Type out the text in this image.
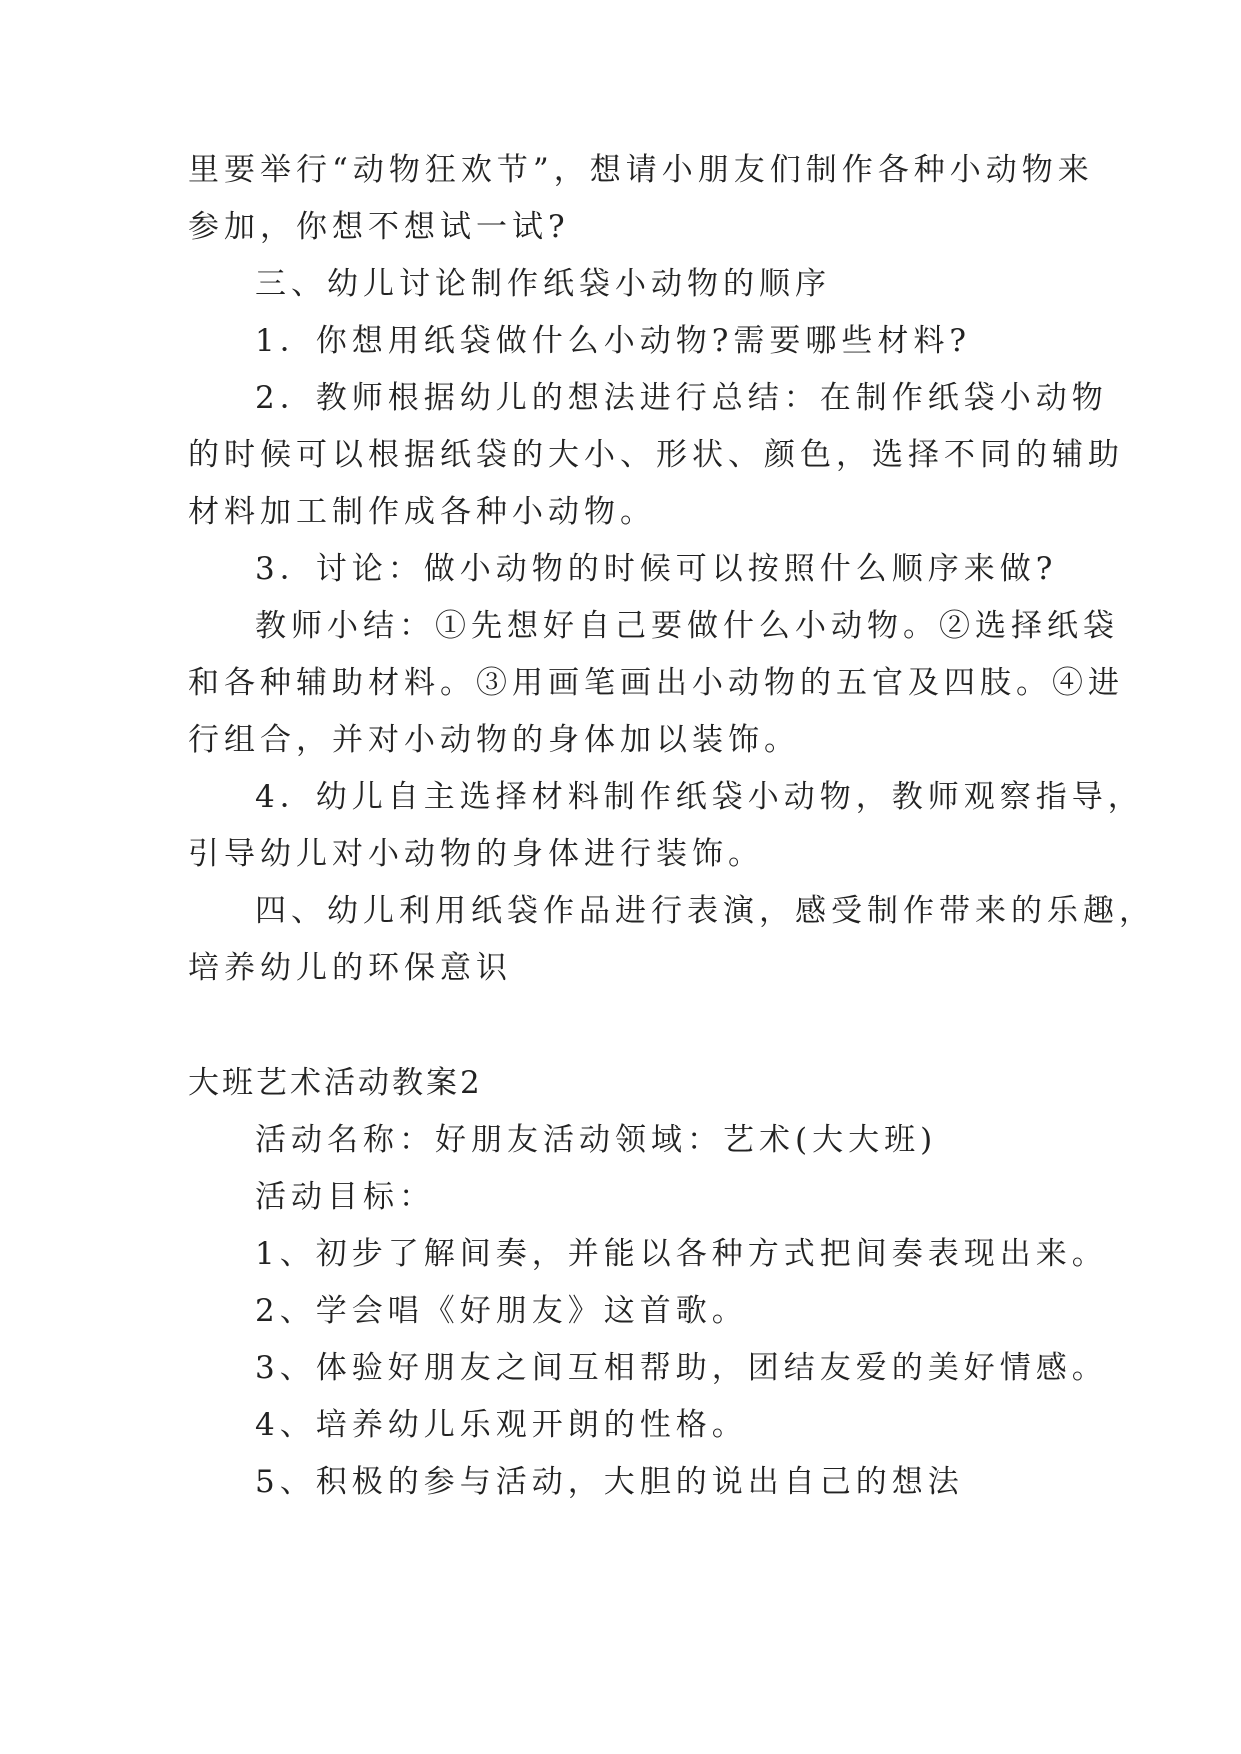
里要举行“动物狂欢节”，想请小朋友们制作各种小动物来
参加，你想不想试一试?
三、幼儿讨论制作纸袋小动物的顺序
1．你想用纸袋做什么小动物?需要哪些材料?
2．教师根据幼儿的想法进行总结：在制作纸袋小动物
的时候可以根据纸袋的大小、形状、颜色，选择不同的辅助
材料加工制作成各种小动物。
3．讨论：做小动物的时候可以按照什么顺序来做?
教师小结：①先想好自己要做什么小动物。②选择纸袋
和各种辅助材料。③用画笔画出小动物的五官及四肢。④进
行组合，并对小动物的身体加以装饰。
4．幼儿自主选择材料制作纸袋小动物，教师观察指导，
引导幼儿对小动物的身体进行装饰。
四、幼儿利用纸袋作品进行表演，感受制作带来的乐趣，
培养幼儿的环保意识
大班艺术活动教案2
活动名称：好朋友活动领域：艺术(大大班)
活动目标：
1、初步了解间奏，并能以各种方式把间奏表现出来。
2、学会唱《好朋友》这首歌。
3、体验好朋友之间互相帮助，团结友爱的美好情感。
4、培养幼儿乐观开朗的性格。
5、积极的参与活动，大胆的说出自己的想法
